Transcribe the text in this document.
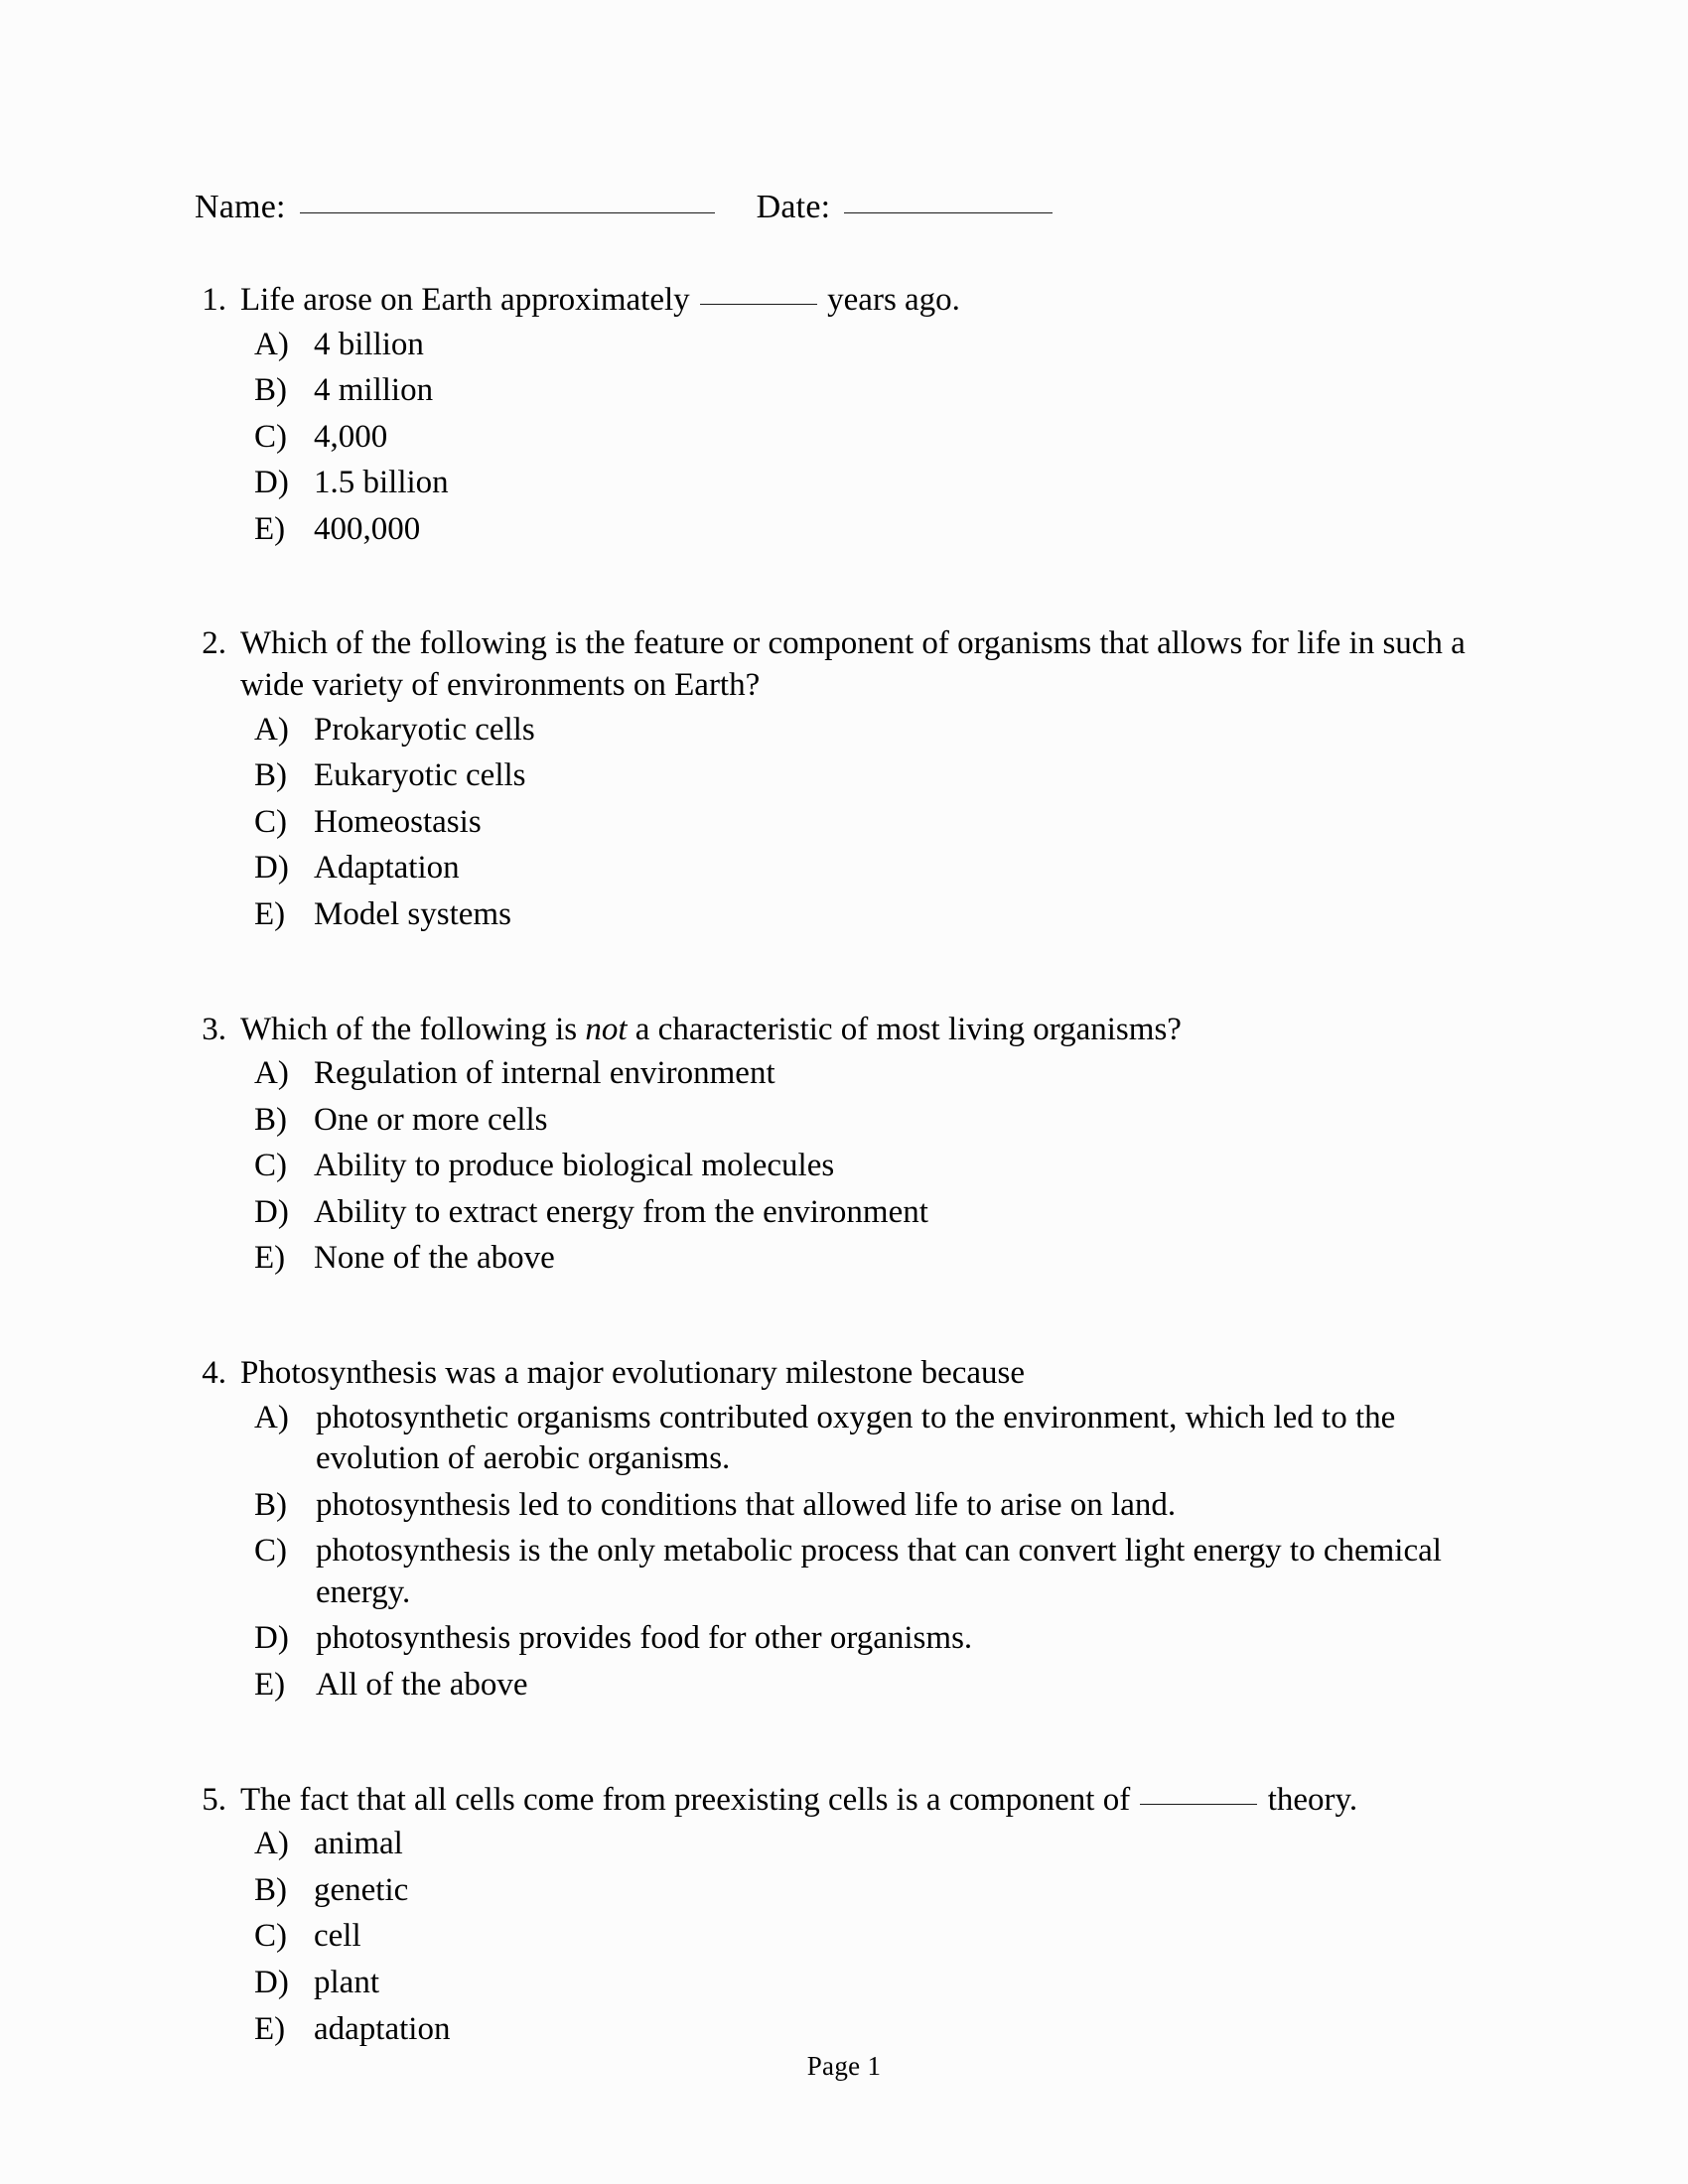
Name:	Date:
1. Life arose on Earth approximately	years ago.
A) 4 billion
B) 4 million
C) 4,000
D) 1.5 billion
E) 400,000
2. Which of the following is the feature or component of organisms that allows for life in such a wide variety of environments on Earth?
A) Prokaryotic cells
B) Eukaryotic cells
C) Homeostasis
D) Adaptation
E) Model systems
3. Which of the following is not a characteristic of most living organisms?
A) Regulation of internal environment
B) One or more cells
C) Ability to produce biological molecules
D) Ability to extract energy from the environment
E) None of the above
4. Photosynthesis was a major evolutionary milestone because
A) photosynthetic organisms contributed oxygen to the environment, which led to the evolution of aerobic organisms.
B) photosynthesis led to conditions that allowed life to arise on land.
C) photosynthesis is the only metabolic process that can convert light energy to chemical energy.
D) photosynthesis provides food for other organisms.
E) All of the above
5. The fact that all cells come from preexisting cells is a component of	theory.
A) animal
B) genetic
C) cell
D) plant
E) adaptation
Page 1
